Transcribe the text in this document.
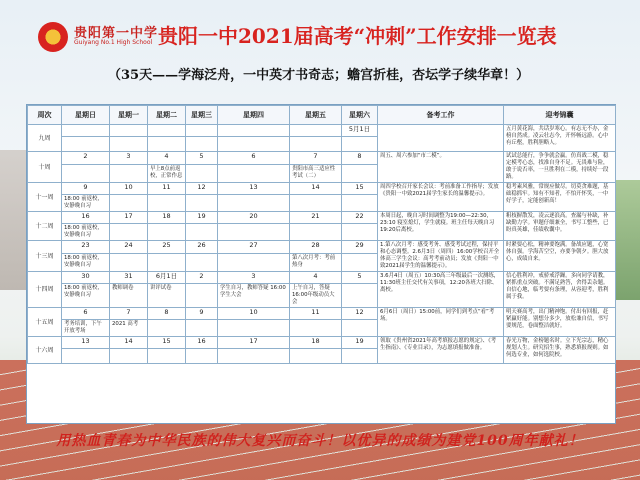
贵阳第一中学
Guiyang No.1 High School 贵阳一中2021届高考“冲刺”工作安排一览表
（35天——学海泛舟，一中英才书奇志；蟾宫折桂，杏坛学子续华章！）
周次	星期日	星期一	星期二	星期三	星期四	星期五	星期六	备考工作	迎考锦囊
九周							5月1日		五月黄花海，共话岁寒心。有志无不办，金榜自然成。凌云壮志今，开怀畅远游。心中有丘壑，胜利胆略人。

十周	2	3	4	5	6	7	8	周五、周六参加“市二模”。	试试总能行，争争就会赢。仿真战二模，稳定模考心态，找准自身不足。无畏难与险，敢于说否率，一旦胜利在二模，持续好一段路。
			早上8点前返校，正常作息			贵阳市高三适应性考试（二）			
十一周	9	10	11	12	13	14	15	周四学校召开家长会议：考前准备工作指导；发放《贵阳一中致2021届学生家长的温馨提示》。	稳考素风雅，常规应做尽。切莫贪难题，基础稳抓牢。知有不知者，不怕开怀笑，一中好学子，定能创新高！
	18:00 前返校，安静晚自习								
十二周	16	17	18	19	20	21	22	本周日起，晚自习时间调整为19:00—22:30，23:10 寝室熄灯，学生就寝。班主任每天晚自习19:20后离校。	粗枝摒散发，凌云逐浪高。查漏与补缺，补缺勤力学。审题仔细兼全，书写工整些，已盼真英雄，佳绩收囊中。
	18:00 前返校，安静晚自习								
十三周	23	24	25	26	27	28	29	1.第八次月考：感受考务、感受考试过程，保持平和心态调整。2.6月3日（周四）16:00学校召开全体高三学生会议：高考考前动员；发放《贵阳一中致2021届学生的温馨提示》。	时紧要心松，精神要饱满。备战应题，心宽体自强。学海苦空空，亦要争朝夕。胆大放心，成绩自来。
	18:00 前返校，安静晚自习					第八次月考：考前热身			
十四周	30	31	6月1日	2	3	4	5	3.6月4日（周五）10:30高三年级最后一次测练，11:30班主任交代有关事项，12:20各班大扫除、离校。	信心胜利冲，戒骄戒浮躁。多向同学请教，紧抓重点突破。不满足熟答，舍得丢杂题。自信心地，临考要有条理，从容迎考，胜利属于我。
	18:00 前返校，安静晚自习	教师调卷	讲评试卷		学生自习，教师答疑 16:00学生大会	上午自习，答疑 16:00年级动员大会			
十五周	6	7	8	9	10	11	12	6月6日（周日）15:00前，同学们到考点“看”考场。	明天赛高考，出门精神饱。付出有回报，赶紧赢好能。别想分多少，放松兼自信，书写要规范，卷面整洁就好。
	考务培训，下午开放考场	2021 高考							
十六周	13	14	15	16	17	18	19	领取《贵州省2021年高考填报志愿的规定》、《考生指南》、《专业目录》，为志愿填报做准备。	春光万物，金榜题名时。立下光宗志，精心规划人生。研究招生事，熟悉填报规则。如何选专业，如何选院校。

用热血青春为中华民族的伟大复兴而奋斗！以优异的成绩为建党100周年献礼！
